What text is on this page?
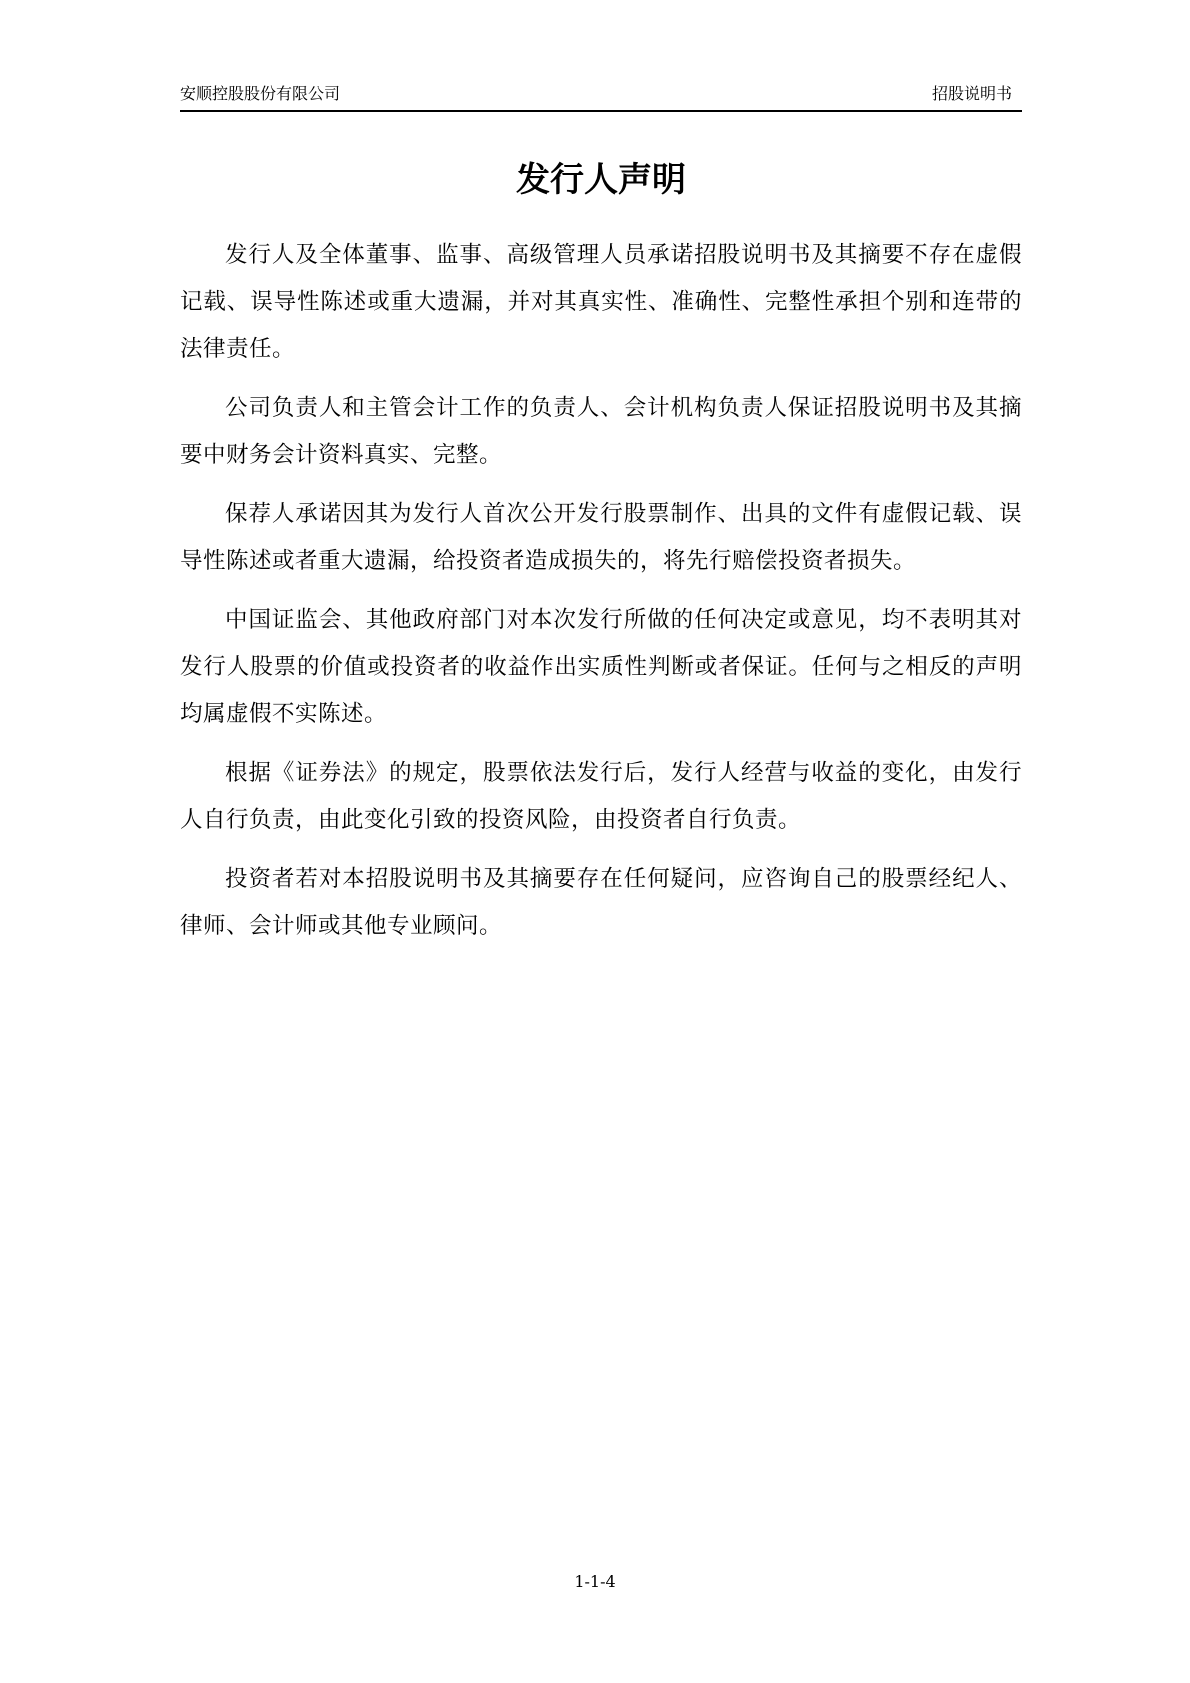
安顺控股股份有限公司	招股说明书
发行人声明

发行人及全体董事、监事、高级管理人员承诺招股说明书及其摘要不存在虚假记载、误导性陈述或重大遗漏，并对其真实性、准确性、完整性承担个别和连带的法律责任。

公司负责人和主管会计工作的负责人、会计机构负责人保证招股说明书及其摘要中财务会计资料真实、完整。

保荐人承诺因其为发行人首次公开发行股票制作、出具的文件有虚假记载、误导性陈述或者重大遗漏，给投资者造成损失的，将先行赔偿投资者损失。

中国证监会、其他政府部门对本次发行所做的任何决定或意见，均不表明其对发行人股票的价值或投资者的收益作出实质性判断或者保证。任何与之相反的声明均属虚假不实陈述。

根据《证券法》的规定，股票依法发行后，发行人经营与收益的变化，由发行人自行负责，由此变化引致的投资风险，由投资者自行负责。

投资者若对本招股说明书及其摘要存在任何疑问，应咨询自己的股票经纪人、律师、会计师或其他专业顾问。

1-1-4
